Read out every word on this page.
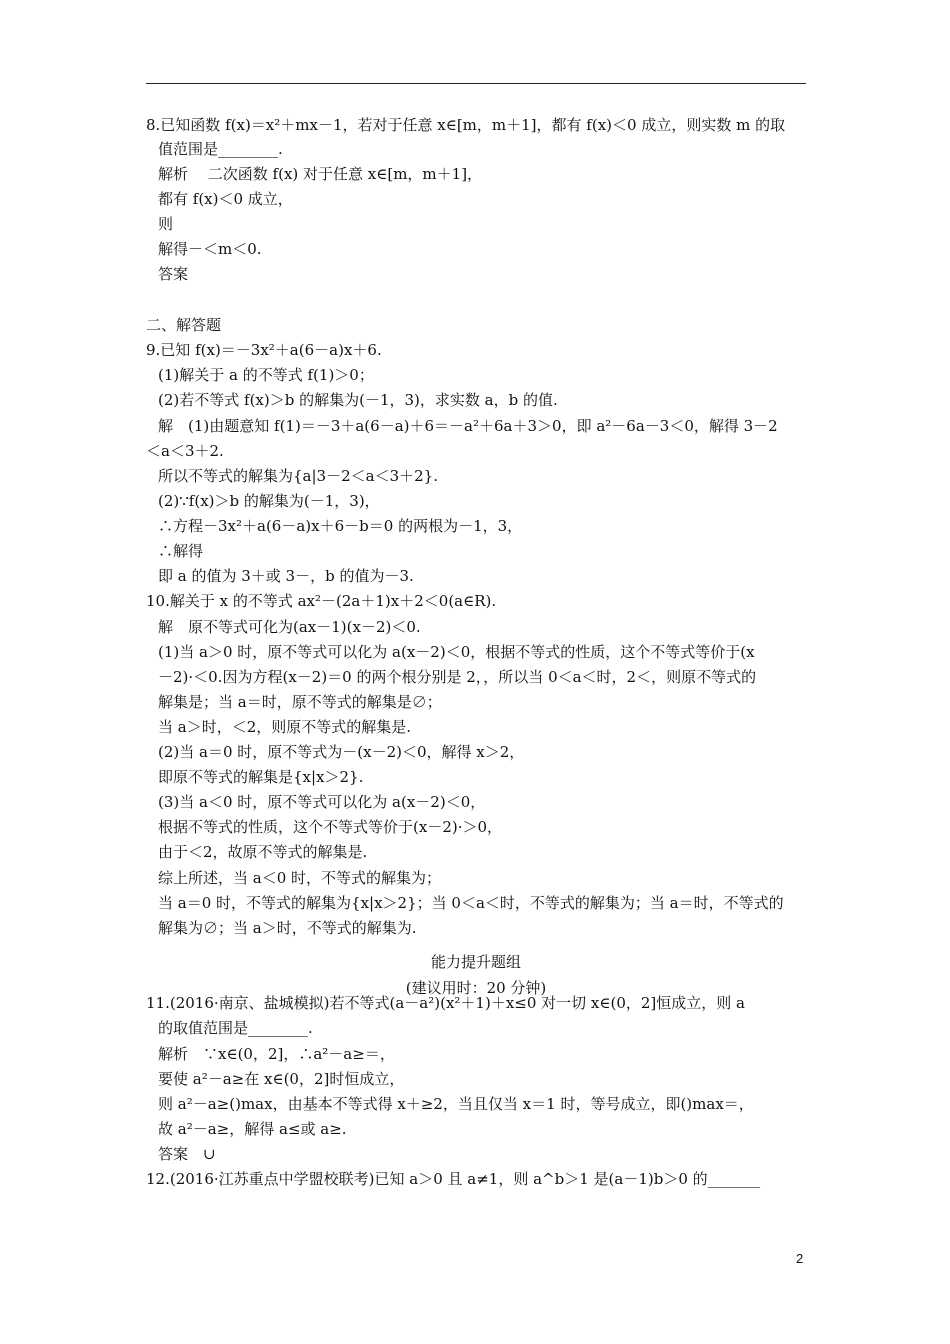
8.已知函数 f(x)＝x²＋mx－1，若对于任意 x∈[m，m＋1]，都有 f(x)＜0 成立，则实数 m 的取
值范围是________.
解析　 二次函数 f(x) 对于任意 x∈[m，m＋1]，
都有 f(x)＜0 成立，
则
解得－＜m＜0.
答案
二、解答题
9.已知 f(x)＝－3x²＋a(6－a)x＋6.
(1)解关于 a 的不等式 f(1)＞0；
(2)若不等式 f(x)＞b 的解集为(－1，3)，求实数 a，b 的值.
解　(1)由题意知 f(1)＝－3＋a(6－a)＋6＝－a²＋6a＋3＞0，即 a²－6a－3＜0，解得 3－2
＜a＜3＋2.
所以不等式的解集为{a|3－2＜a＜3＋2}.
(2)∵f(x)＞b 的解集为(－1，3)，
∴方程－3x²＋a(6－a)x＋6－b＝0 的两根为－1，3，
∴解得
即 a 的值为 3＋或 3－，b 的值为－3.
10.解关于 x 的不等式 ax²－(2a＋1)x＋2＜0(a∈R).
解　原不等式可化为(ax－1)(x－2)＜0.
(1)当 a＞0 时，原不等式可以化为 a(x－2)＜0，根据不等式的性质，这个不等式等价于(x
－2)·＜0.因为方程(x－2)＝0 的两个根分别是 2，，所以当 0＜a＜时，2＜，则原不等式的
解集是；当 a＝时，原不等式的解集是∅；
当 a＞时，＜2，则原不等式的解集是.
(2)当 a＝0 时，原不等式为－(x－2)＜0，解得 x＞2，
即原不等式的解集是{x|x＞2}.
(3)当 a＜0 时，原不等式可以化为 a(x－2)＜0，
根据不等式的性质，这个不等式等价于(x－2)·＞0，
由于＜2，故原不等式的解集是.
综上所述，当 a＜0 时，不等式的解集为；
当 a＝0 时，不等式的解集为{x|x＞2}；当 0＜a＜时，不等式的解集为；当 a＝时，不等式的
解集为∅；当 a＞时，不等式的解集为.
11.(2016·南京、盐城模拟)若不等式(a－a²)(x²＋1)＋x≤0 对一切 x∈(0，2]恒成立，则 a
的取值范围是________.
解析　∵x∈(0，2]，∴a²－a≥＝，
要使 a²－a≥在 x∈(0，2]时恒成立，
则 a²－a≥()max，由基本不等式得 x＋≥2，当且仅当 x＝1 时，等号成立，即()max＝，
故 a²－a≥，解得 a≤或 a≥.
答案　∪
12.(2016·江苏重点中学盟校联考)已知 a＞0 且 a≠1，则 a^b＞1 是(a－1)b＞0 的_______
能力提升题组
(建议用时：20 分钟)
2
